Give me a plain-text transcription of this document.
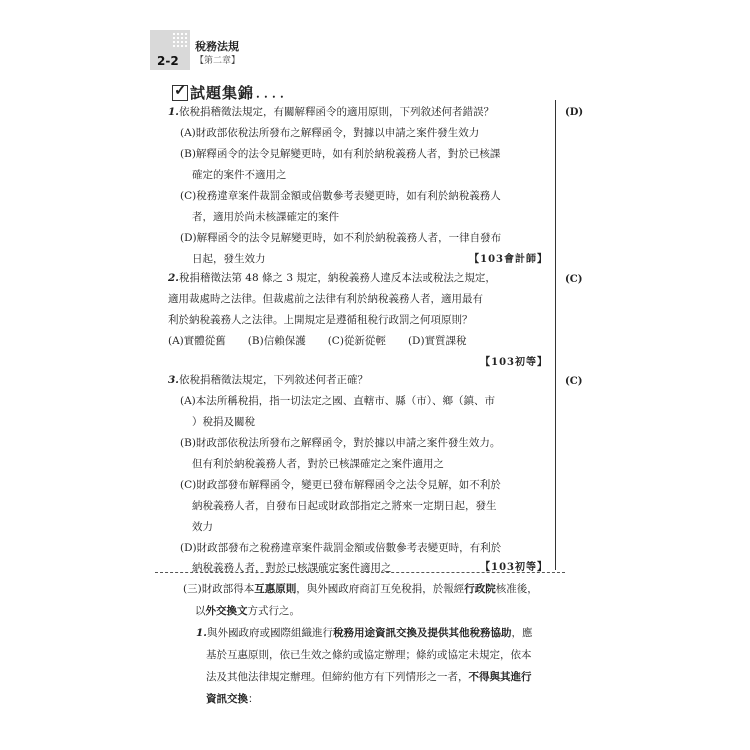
2-2
稅務法規
【第二章】
✓
試題集錦 ．．．．
(D)
1.依稅捐稽徵法規定，有關解釋函令的適用原則，下列敘述何者錯誤？
(A)財政部依稅法所發布之解釋函令，對據以申請之案件發生效力
(B)解釋函令的法令見解變更時，如有利於納稅義務人者，對於已核課
確定的案件不適用之
(C)稅務違章案件裁罰金額或倍數參考表變更時，如有利於納稅義務人
者，適用於尚未核課確定的案件
(D)解釋函令的法令見解變更時，如不利於納稅義務人者，一律自發布
日起，發生效力	【103會計師】
(C)
2.稅捐稽徵法第 48 條之 3 規定，納稅義務人違反本法或稅法之規定，
適用裁處時之法律。但裁處前之法律有利於納稅義務人者，適用最有
利於納稅義務人之法律。上開規定是遵循租稅行政罰之何項原則？
(A)實體從舊 (B)信賴保護 (C)從新從輕 (D)實質課稅
【103初等】
(C)
3.依稅捐稽徵法規定，下列敘述何者正確？
(A)本法所稱稅捐，指一切法定之國、直轄市、縣（市）、鄉（鎮、市
）稅捐及關稅
(B)財政部依稅法所發布之解釋函令，對於據以申請之案件發生效力。
但有利於納稅義務人者，對於已核課確定之案件適用之
(C)財政部發布解釋函令，變更已發布解釋函令之法令見解，如不利於
納稅義務人者，自發布日起或財政部指定之將來一定期日起，發生
效力
(D)財政部發布之稅務違章案件裁罰金額或倍數參考表變更時，有利於
納稅義務人者，對於已核課確定案件適用之	【103初等】
(三)財政部得本互惠原則，與外國政府商訂互免稅捐，於報經行政院核准後，
以外交換文方式行之。
1.與外國政府或國際組織進行稅務用途資訊交換及提供其他稅務協助，應
基於互惠原則，依已生效之條約或協定辦理；條約或協定未規定，依本
法及其他法律規定辦理。但締約他方有下列情形之一者，不得與其進行
資訊交換：
